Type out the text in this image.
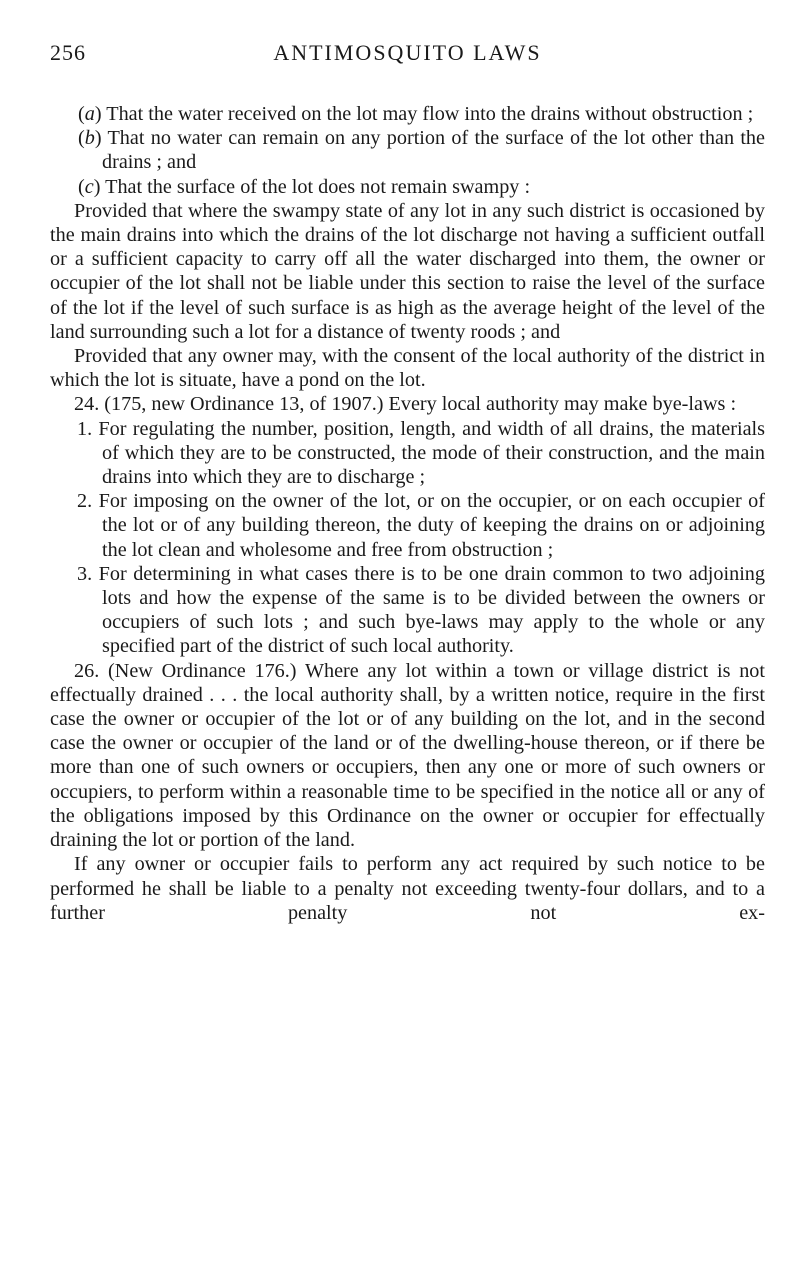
256	ANTIMOSQUITO LAWS

(a) That the water received on the lot may flow into the drains without obstruction ;

(b) That no water can remain on any portion of the surface of the lot other than the drains ; and

(c) That the surface of the lot does not remain swampy :

Provided that where the swampy state of any lot in any such district is occasioned by the main drains into which the drains of the lot discharge not having a sufficient outfall or a sufficient capacity to carry off all the water discharged into them, the owner or occupier of the lot shall not be liable under this section to raise the level of the surface of the lot if the level of such surface is as high as the average height of the level of the land surrounding such a lot for a distance of twenty roods ; and

Provided that any owner may, with the consent of the local authority of the district in which the lot is situate, have a pond on the lot.

24. (175, new Ordinance 13, of 1907.) Every local authority may make bye-laws :

1. For regulating the number, position, length, and width of all drains, the materials of which they are to be constructed, the mode of their construction, and the main drains into which they are to discharge ;

2. For imposing on the owner of the lot, or on the occupier, or on each occupier of the lot or of any building thereon, the duty of keeping the drains on or adjoining the lot clean and wholesome and free from obstruction ;

3. For determining in what cases there is to be one drain common to two adjoining lots and how the expense of the same is to be divided between the owners or occupiers of such lots ; and such bye-laws may apply to the whole or any specified part of the district of such local authority.

26. (New Ordinance 176.) Where any lot within a town or village district is not effectually drained . . . the local authority shall, by a written notice, require in the first case the owner or occupier of the lot or of any building on the lot, and in the second case the owner or occupier of the land or of the dwelling-house thereon, or if there be more than one of such owners or occupiers, then any one or more of such owners or occupiers, to perform within a reasonable time to be specified in the notice all or any of the obligations imposed by this Ordinance on the owner or occupier for effectually draining the lot or portion of the land.

If any owner or occupier fails to perform any act required by such notice to be performed he shall be liable to a penalty not exceeding twenty-four dollars, and to a further penalty not ex-
